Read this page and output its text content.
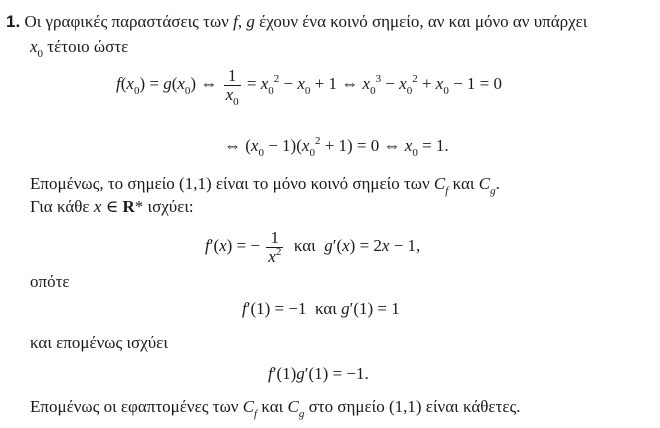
1. Οι γραφικές παραστάσεις των f, g έχουν ένα κοινό σημείο, αν και μόνο αν υπάρχει
$x_0$ τέτοιο ώστε
$f(x_0) = g(x_0)$ ⇔ $\frac{1}{x_0} = x_0^2 - x_0 + 1$ ⇔ $x_0^3 - x_0^2 + x_0 - 1 = 0$
⇔ $(x_0 - 1)(x_0^2 + 1) = 0$ ⇔ $x_0 = 1$.
Επομένως, το σημείο (1,1) είναι το μόνο κοινό σημείο των $C_f$ και $C_g$.
Για κάθε x ∈ R* ισχύει:
f′(x) = − $\frac{1}{x^2}$ και  g′(x) = 2x − 1,
οπότε
f′(1) = −1  και g′(1) = 1
και επομένως ισχύει
f′(1)g′(1) = −1.
Επομένως οι εφαπτομένες των $C_f$ και $C_g$ στο σημείο (1,1) είναι κάθετες.
